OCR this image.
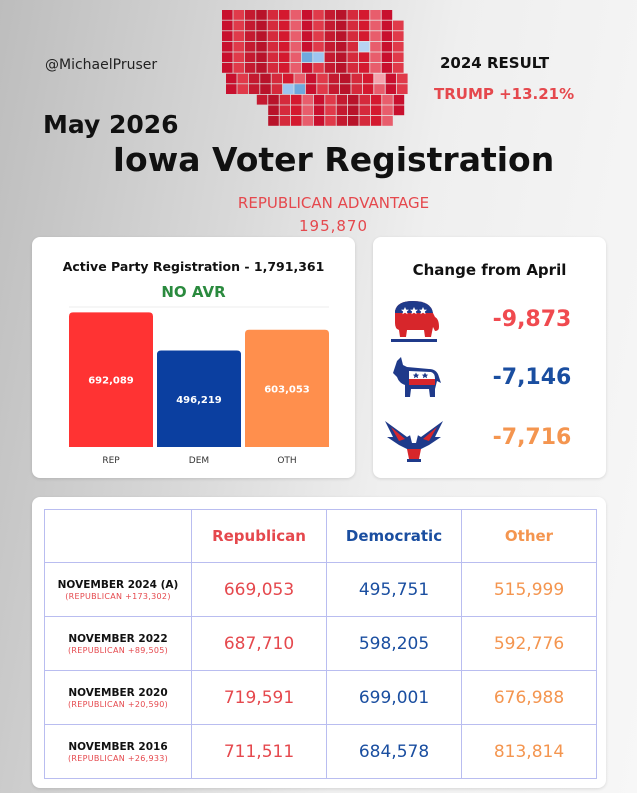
@MichaelPruser
May 2026
Iowa Voter Registration
REPUBLICAN ADVANTAGE
195,870
2024 RESULT
TRUMP +13.21%
Active Party Registration - 1,791,361
NO AVR
692,089
REP
496,219
DEM
603,053
OTH
Change from April
-9,873
-7,146
-7,716
	Republican	Democratic	Other

NOVEMBER 2024 (A)
(REPUBLICAN +173,302)	669,053	495,751	515,999

NOVEMBER 2022
(REPUBLICAN +89,505)	687,710	598,205	592,776

NOVEMBER 2020
(REPUBLICAN +20,590)	719,591	699,001	676,988

NOVEMBER 2016
(REPUBLICAN +26,933)	711,511	684,578	813,814
